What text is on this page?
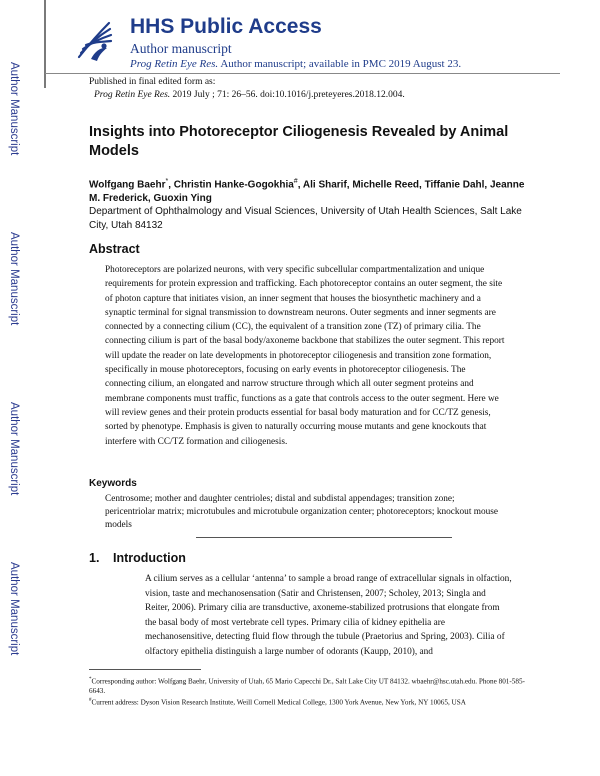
Author Manuscript
Author Manuscript
Author Manuscript
Author Manuscript
HHS Public Access
Author manuscript
Prog Retin Eye Res. Author manuscript; available in PMC 2019 August 23.
Published in final edited form as:
Prog Retin Eye Res. 2019 July ; 71: 26–56. doi:10.1016/j.preteyeres.2018.12.004.
Insights into Photoreceptor Ciliogenesis Revealed by Animal Models
Wolfgang Baehr*, Christin Hanke-Gogokhia#, Ali Sharif, Michelle Reed, Tiffanie Dahl, Jeanne M. Frederick, Guoxin Ying
Department of Ophthalmology and Visual Sciences, University of Utah Health Sciences, Salt Lake City, Utah 84132
Abstract
Photoreceptors are polarized neurons, with very specific subcellular compartmentalization and unique requirements for protein expression and trafficking. Each photoreceptor contains an outer segment, the site of photon capture that initiates vision, an inner segment that houses the biosynthetic machinery and a synaptic terminal for signal transmission to downstream neurons. Outer segments and inner segments are connected by a connecting cilium (CC), the equivalent of a transition zone (TZ) of primary cilia. The connecting cilium is part of the basal body/axoneme backbone that stabilizes the outer segment. This report will update the reader on late developments in photoreceptor ciliogenesis and transition zone formation, specifically in mouse photoreceptors, focusing on early events in photoreceptor ciliogenesis. The connecting cilium, an elongated and narrow structure through which all outer segment proteins and membrane components must traffic, functions as a gate that controls access to the outer segment. Here we will review genes and their protein products essential for basal body maturation and for CC/TZ genesis, sorted by phenotype. Emphasis is given to naturally occurring mouse mutants and gene knockouts that interfere with CC/TZ formation and ciliogenesis.
Keywords
Centrosome; mother and daughter centrioles; distal and subdistal appendages; transition zone; pericentriolar matrix; microtubules and microtubule organization center; photoreceptors; knockout mouse models
1. Introduction
A cilium serves as a cellular ‘antenna’ to sample a broad range of extracellular signals in olfaction, vision, taste and mechanosensation (Satir and Christensen, 2007; Scholey, 2013; Singla and Reiter, 2006). Primary cilia are transductive, axoneme-stabilized protrusions that elongate from the basal body of most vertebrate cell types. Primary cilia of kidney epithelia are mechanosensitive, detecting fluid flow through the tubule (Praetorius and Spring, 2003). Cilia of olfactory epithelia distinguish a large number of odorants (Kaupp, 2010), and
*Corresponding author: Wolfgang Baehr, University of Utah, 65 Mario Capecchi Dr., Salt Lake City UT 84132. wbaehr@hsc.utah.edu. Phone 801-585-6643.
#Current address: Dyson Vision Research Institute, Weill Cornell Medical College, 1300 York Avenue, New York, NY 10065, USA
